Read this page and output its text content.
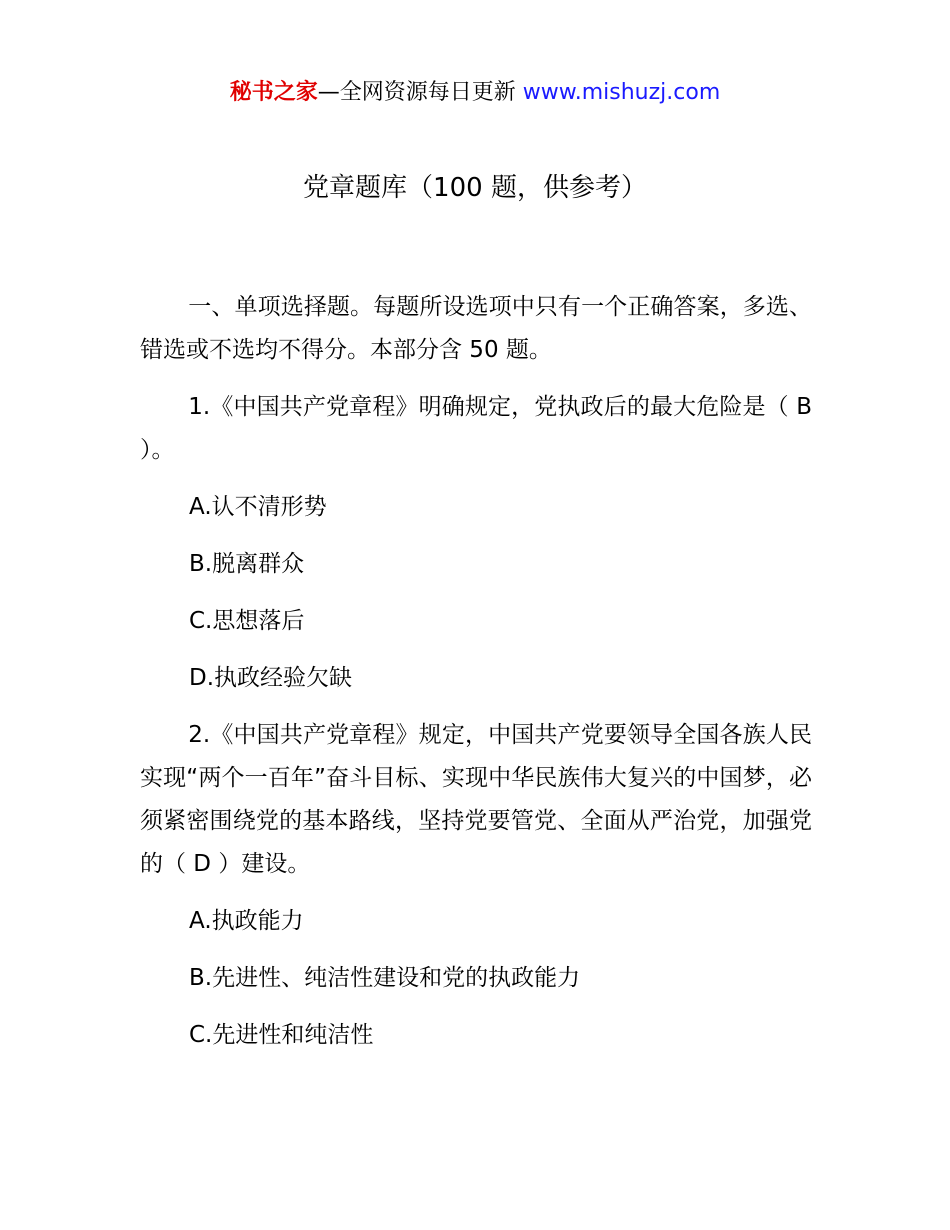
秘书之家—全网资源每日更新 www.mishuzj.com
党章题库（100 题，供参考）

一、单项选择题。每题所设选项中只有一个正确答案，多选、错选或不选均不得分。本部分含 50 题。

1.《中国共产党章程》明确规定，党执政后的最大危险是（ B ）。

A.认不清形势

B.脱离群众

C.思想落后

D.执政经验欠缺

2.《中国共产党章程》规定，中国共产党要领导全国各族人民实现“两个一百年”奋斗目标、实现中华民族伟大复兴的中国梦，必须紧密围绕党的基本路线，坚持党要管党、全面从严治党，加强党的（ D ）建设。

A.执政能力

B.先进性、纯洁性建设和党的执政能力

C.先进性和纯洁性
